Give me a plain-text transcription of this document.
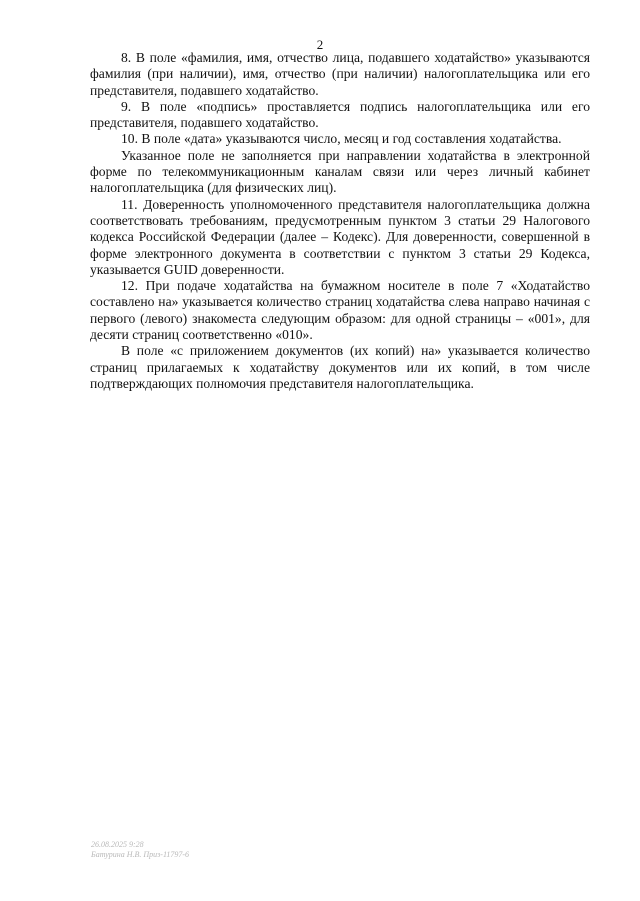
2

8. В поле «фамилия, имя, отчество лица, подавшего ходатайство» указываются фамилия (при наличии), имя, отчество (при наличии) налогоплательщика или его представителя, подавшего ходатайство.

9. В поле «подпись» проставляется подпись налогоплательщика или его представителя, подавшего ходатайство.

10. В поле «дата» указываются число, месяц и год составления ходатайства.

Указанное поле не заполняется при направлении ходатайства в электронной форме по телекоммуникационным каналам связи или через личный кабинет налогоплательщика (для физических лиц).

11. Доверенность уполномоченного представителя налогоплательщика должна соответствовать требованиям, предусмотренным пунктом 3 статьи 29 Налогового кодекса Российской Федерации (далее – Кодекс). Для доверенности, совершенной в форме электронного документа в соответствии с пунктом 3 статьи 29 Кодекса, указывается GUID доверенности.

12. При подаче ходатайства на бумажном носителе в поле 7 «Ходатайство составлено на» указывается количество страниц ходатайства слева направо начиная с первого (левого) знакоместа следующим образом: для одной страницы – «001», для десяти страниц соответственно «010».

В поле «с приложением документов (их копий) на» указывается количество страниц прилагаемых к ходатайству документов или их копий, в том числе подтверждающих полномочия представителя налогоплательщика.

26.08.2025 9:28
Батурина Н.В. Приз-11797-6
